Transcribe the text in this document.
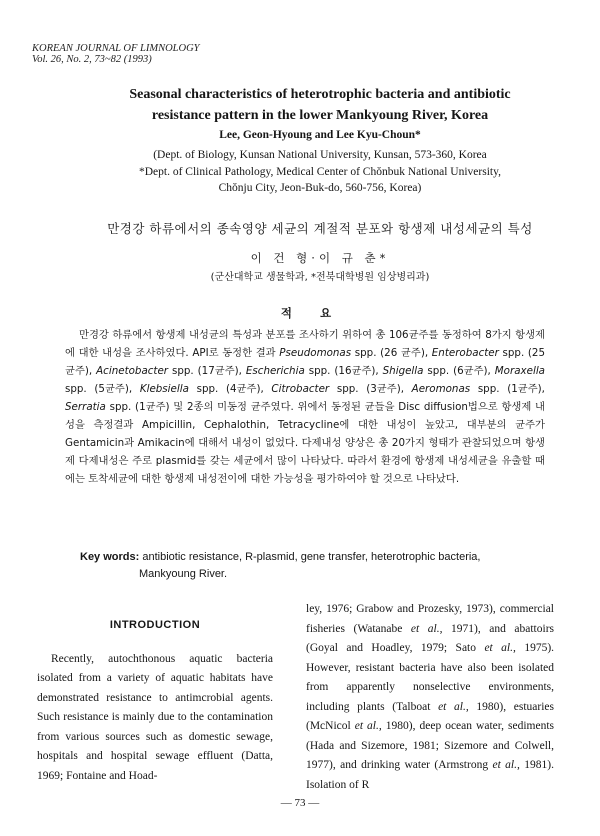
KOREAN JOURNAL OF LIMNOLOGY
Vol. 26, No. 2, 73~82 (1993)
Seasonal characteristics of heterotrophic bacteria and antibiotic
resistance pattern in the lower Mankyoung River, Korea
Lee, Geon-Hyoung and Lee Kyu-Choun*
(Dept. of Biology, Kunsan National University, Kunsan, 573-360, Korea
*Dept. of Clinical Pathology, Medical Center of Chŏnbuk National University,
Chŏnju City, Jeon-Buk-do, 560-756, Korea)
만경강 하류에서의 종속영양 세균의 계절적 분포와 항생제 내성세균의 특성
이 건 형·이 규 춘*
(군산대학교 생물학과, *전북대학병원 임상병리과)
적요
만경강 하류에서 항생제 내성균의 특성과 분포를 조사하기 위하여 총 106균주를 동정하여 8가지 항생제에 대한 내성을 조사하였다. API로 동정한 결과 Pseudomonas spp. (26 균주), Enterobacter spp. (25균주), Acinetobacter spp. (17균주), Escherichia spp. (16균주), Shigella spp. (6균주), Moraxella spp. (5균주), Klebsiella spp. (4균주), Citrobacter spp. (3균주), Aeromonas spp. (1균주), Serratia spp. (1균주) 및 2종의 미동정 균주였다. 위에서 동정된 균들을 Disc diffusion법으로 항생제 내성을 측정결과 Ampicillin, Cephalothin, Tetracycline에 대한 내성이 높았고, 대부분의 균주가 Gentamicin과 Amikacin에 대해서 내성이 없었다. 다제내성 양상은 총 20가지 형태가 관찰되었으며 항생제 다제내성은 주로 plasmid를 갖는 세균에서 많이 나타났다. 따라서 환경에 항생제 내성세균을 유출할 때에는 토착세균에 대한 항생제 내성전이에 대한 가능성을 평가하여야 할 것으로 나타났다.
Key words: antibiotic resistance, R-plasmid, gene transfer, heterotrophic bacteria,
Mankyoung River.
INTRODUCTION

Recently, autochthonous aquatic bacteria isolated from a variety of aquatic habitats have demonstrated resistance to antimcrobial agents. Such resistance is mainly due to the contamination from various sources such as domestic sewage, hospitals and hospital sewage effluent (Datta, 1969; Fontaine and Hoad-

ley, 1976; Grabow and Prozesky, 1973), commercial fisheries (Watanabe et al., 1971), and abattoirs (Goyal and Hoadley, 1979; Sato et al., 1975). However, resistant bacteria have also been isolated from apparently nonselective environments, including plants (Talboat et al., 1980), estuaries (McNicol et al., 1980), deep ocean water, sediments (Hada and Sizemore, 1981; Sizemore and Colwell, 1977), and drinking water (Armstrong et al., 1981). Isolation of R

— 73 —
